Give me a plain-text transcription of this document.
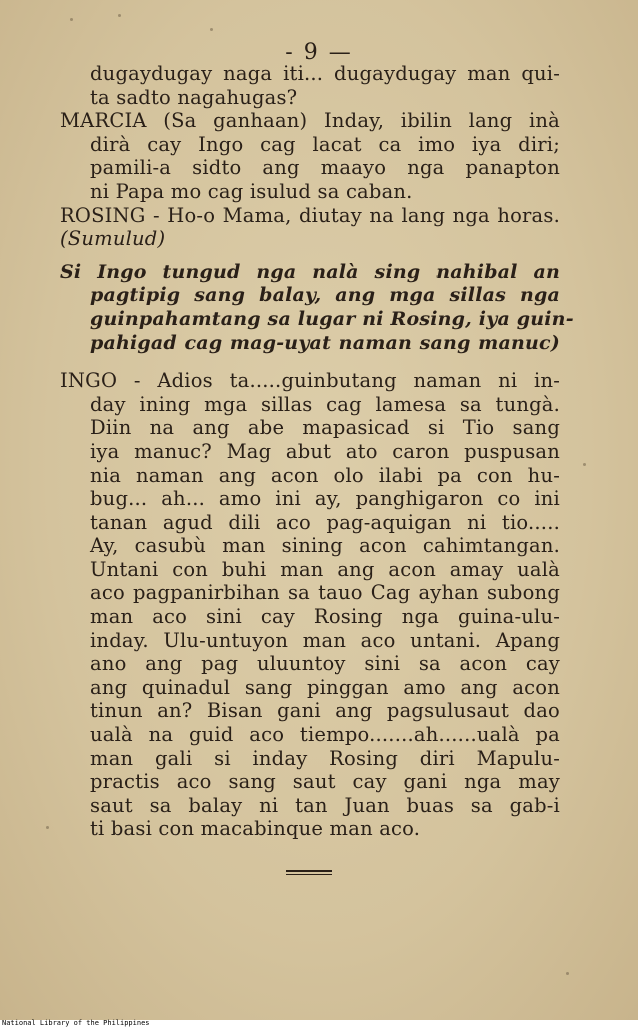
- 9 —
dugaydugay naga iti... dugaydugay man qui-
ta sadto nagahugas?
MARCIA (Sa ganhaan) Inday, ibilin lang inà
dirà cay Ingo cag lacat ca imo iya diri;
pamili-a sidto ang maayo nga panapton
ni Papa mo cag isulud sa caban.
ROSING - Ho-o Mama, diutay na lang nga horas.
(Sumulud)
Si Ingo tungud nga nalà sing nahibal an
pagtipig sang balay, ang mga sillas nga
guinpahamtang sa lugar ni Rosing, iya guin-
pahigad cag mag-uyat naman sang manuc)
INGO - Adios ta.....guinbutang naman ni in-
day ining mga sillas cag lamesa sa tungà.
Diin na ang abe mapasicad si Tio sang
iya manuc? Mag abut ato caron puspusan
nia naman ang acon olo ilabi pa con hu-
bug... ah... amo ini ay, panghigaron co ini
tanan agud dili aco pag-aquigan ni tio.....
Ay, casubù man sining acon cahimtangan.
Untani con buhi man ang acon amay ualà
aco pagpanirbihan sa tauo Cag ayhan subong
man aco sini cay Rosing nga guina-ulu-
inday. Ulu-untuyon man aco untani. Apang
ano ang pag uluuntoy sini sa acon cay
ang quinadul sang pinggan amo ang acon
tinun an? Bisan gani ang pagsulusaut dao
ualà na guid aco tiempo.......ah......ualà pa
man gali si inday Rosing diri Mapulu-
practis aco sang saut cay gani nga may
saut sa balay ni tan Juan buas sa gab-i
ti basi con macabinque man aco.
National Library of the Philippines
